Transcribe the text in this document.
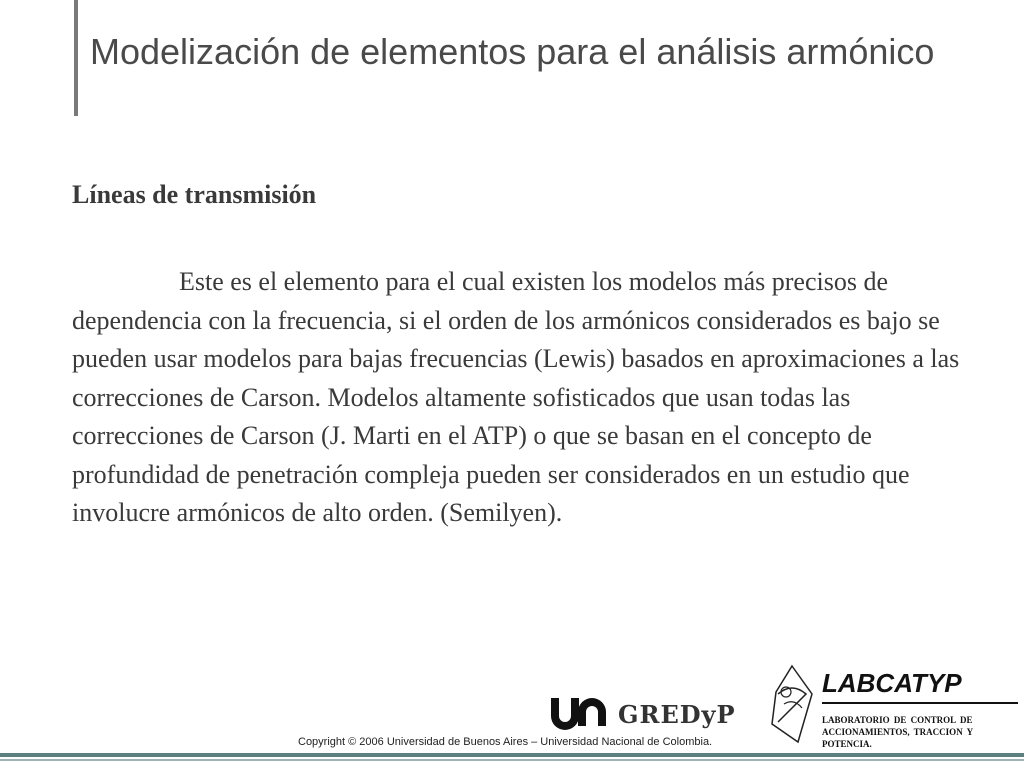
Modelización de elementos para el análisis armónico
Líneas de transmisión

Este es el elemento para el cual existen los modelos más precisos de dependencia con la frecuencia, si el orden de los armónicos considerados es bajo se pueden usar modelos para bajas frecuencias (Lewis) basados en aproximaciones a las correcciones de Carson. Modelos altamente sofisticados que usan todas las correcciones de Carson (J. Marti en el ATP) o que se basan en el concepto de profundidad de penetración compleja pueden ser considerados en un estudio que involucre armónicos de alto orden. (Semilyen).

GREDyP
LABCATYP
LABORATORIO DE CONTROL DE ACCIONAMIENTOS, TRACCION Y POTENCIA.
Copyright © 2006 Universidad de Buenos Aires – Universidad Nacional de Colombia.
